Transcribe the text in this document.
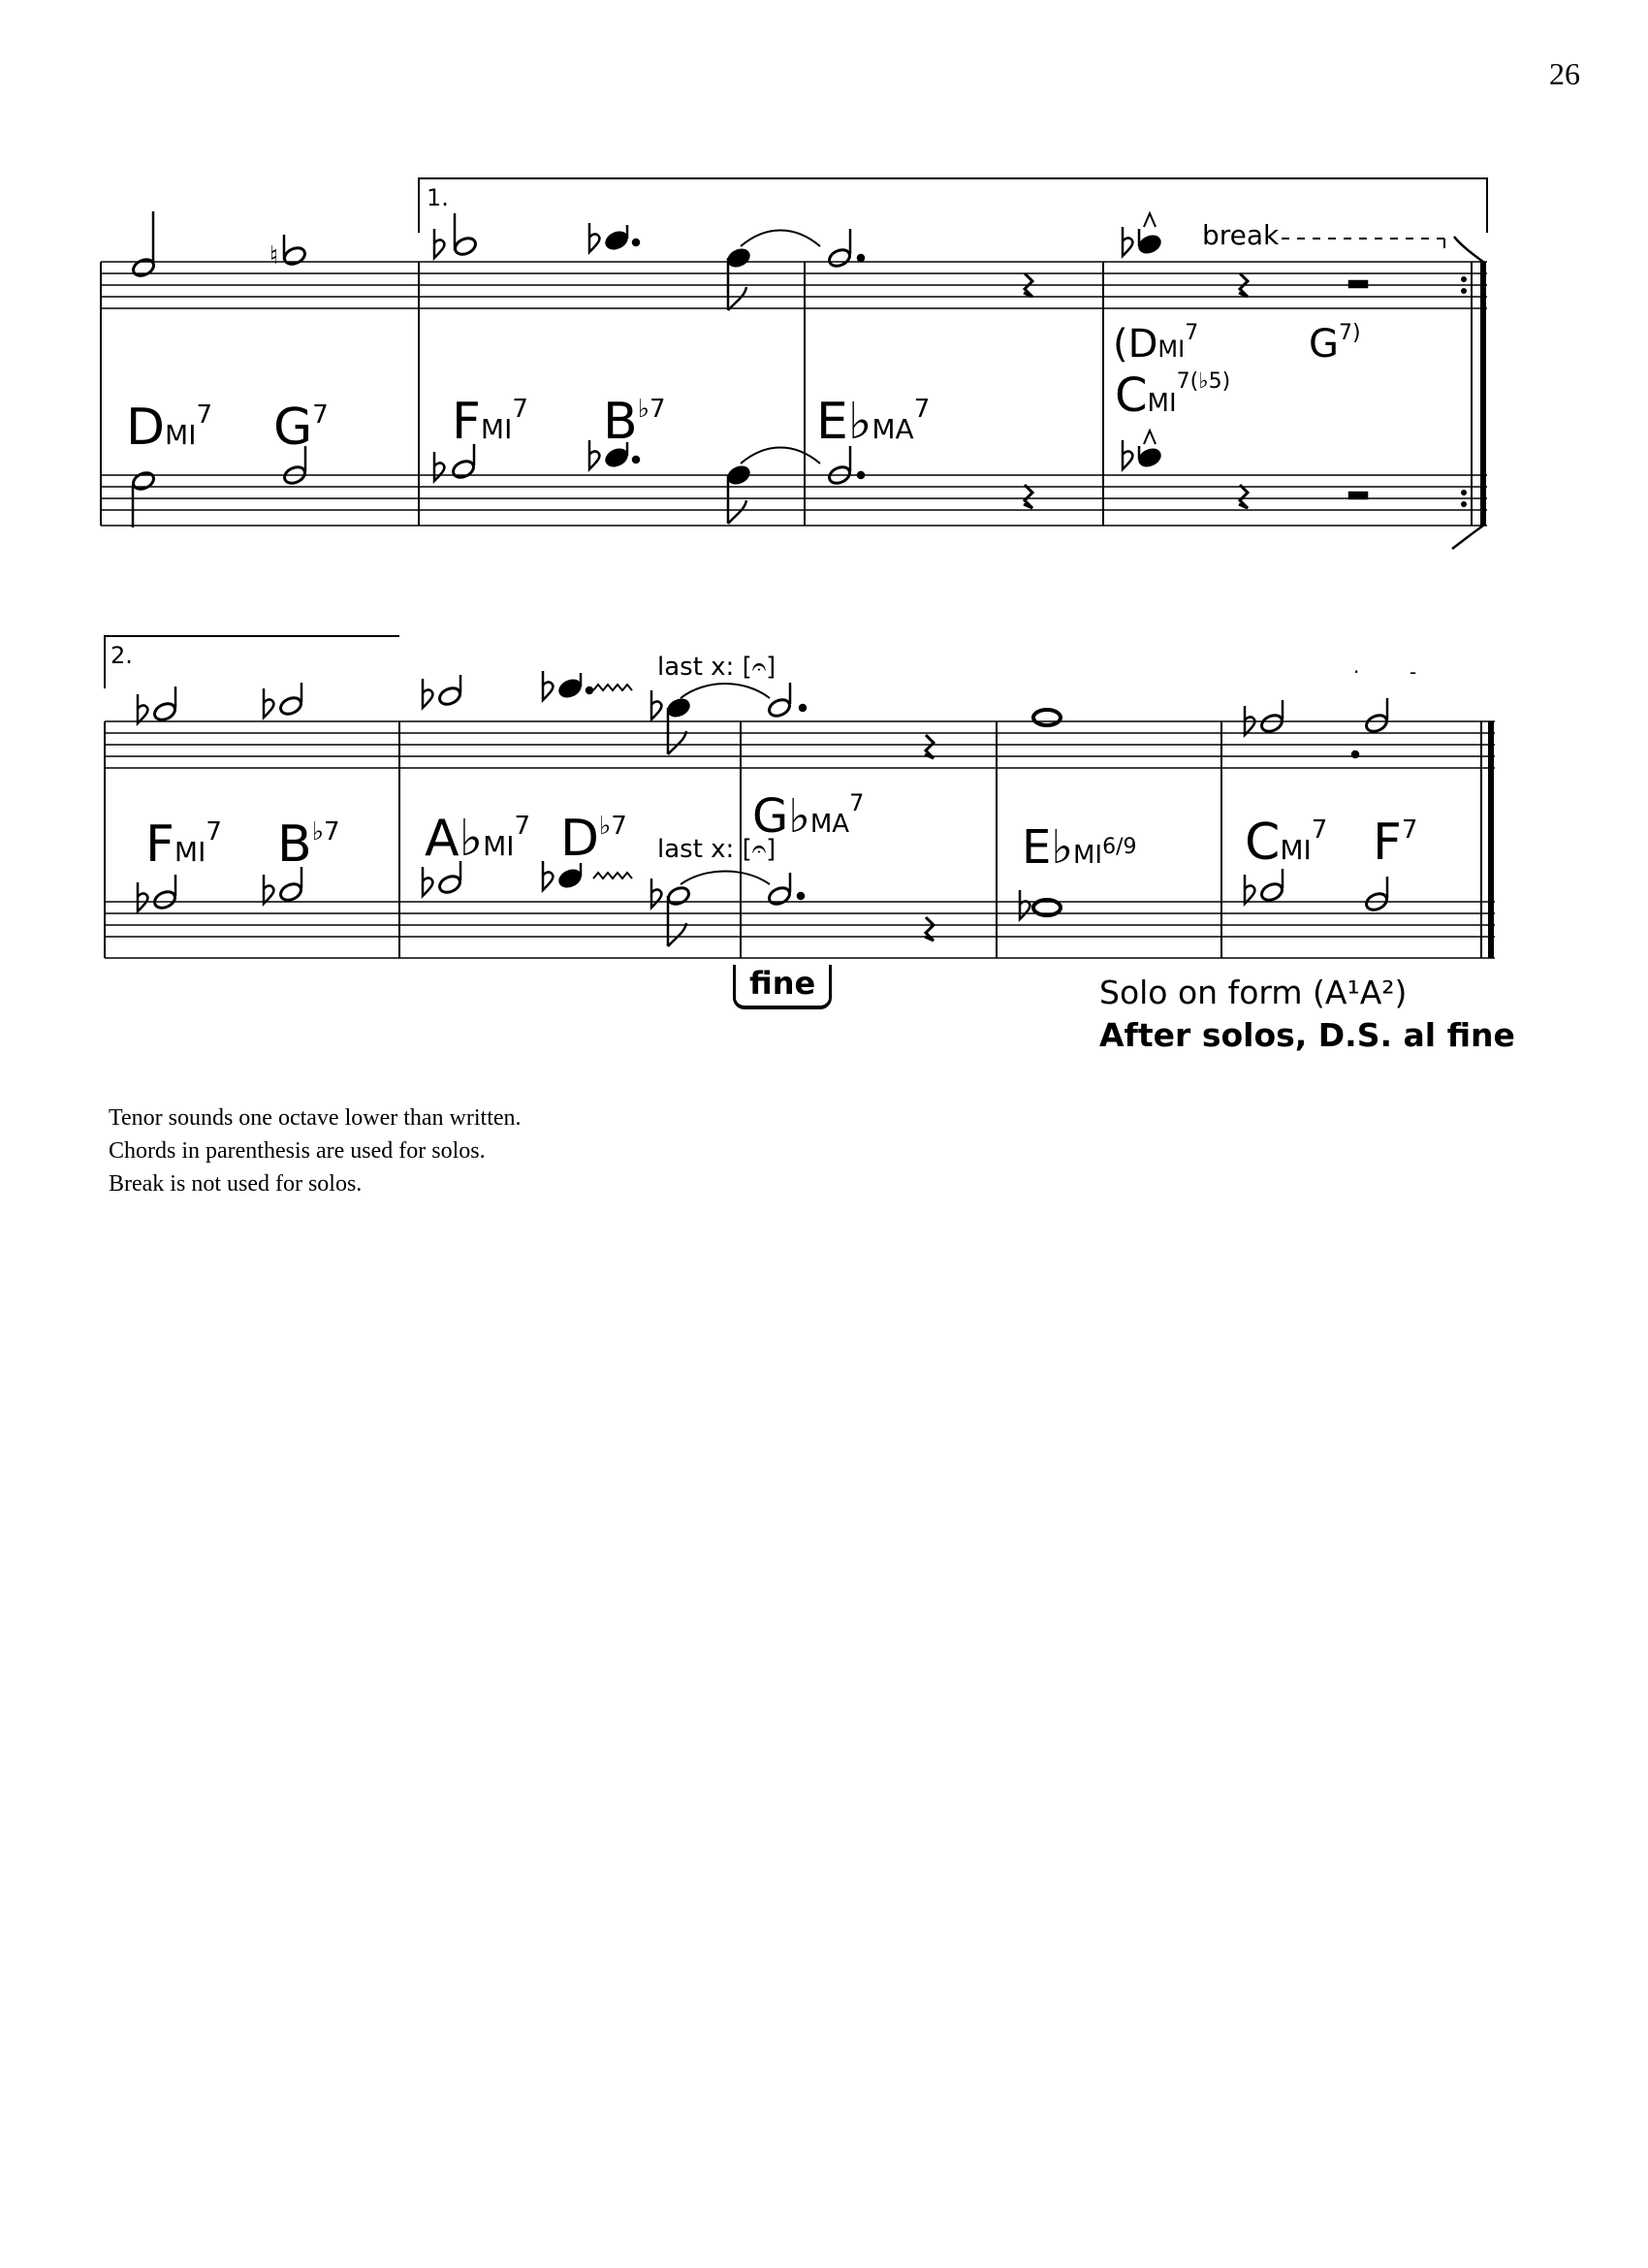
26
1.
♮
break
DMI$^7$ $G^7$ FMI$^7$ $B^{♭7}$	$E♭MA^7$
(DMI$^7$	$G^{7)}$
$CMI^{7(♭5)}$
2.	last x: [𝄐]	·	-
last x: [𝄐]
FMI$^7$ $B^{♭7}$ $A♭MI^7$ $D^{♭7}$	$G♭MA^7$
$E♭MI^{6/9}$ CMI$^7$ $F^7$
fine	Solo on form (A¹A²)
After solos, D.S. al fine
Tenor sounds one octave lower than written.
Chords in parenthesis are used for solos.
Break is not used for solos.
